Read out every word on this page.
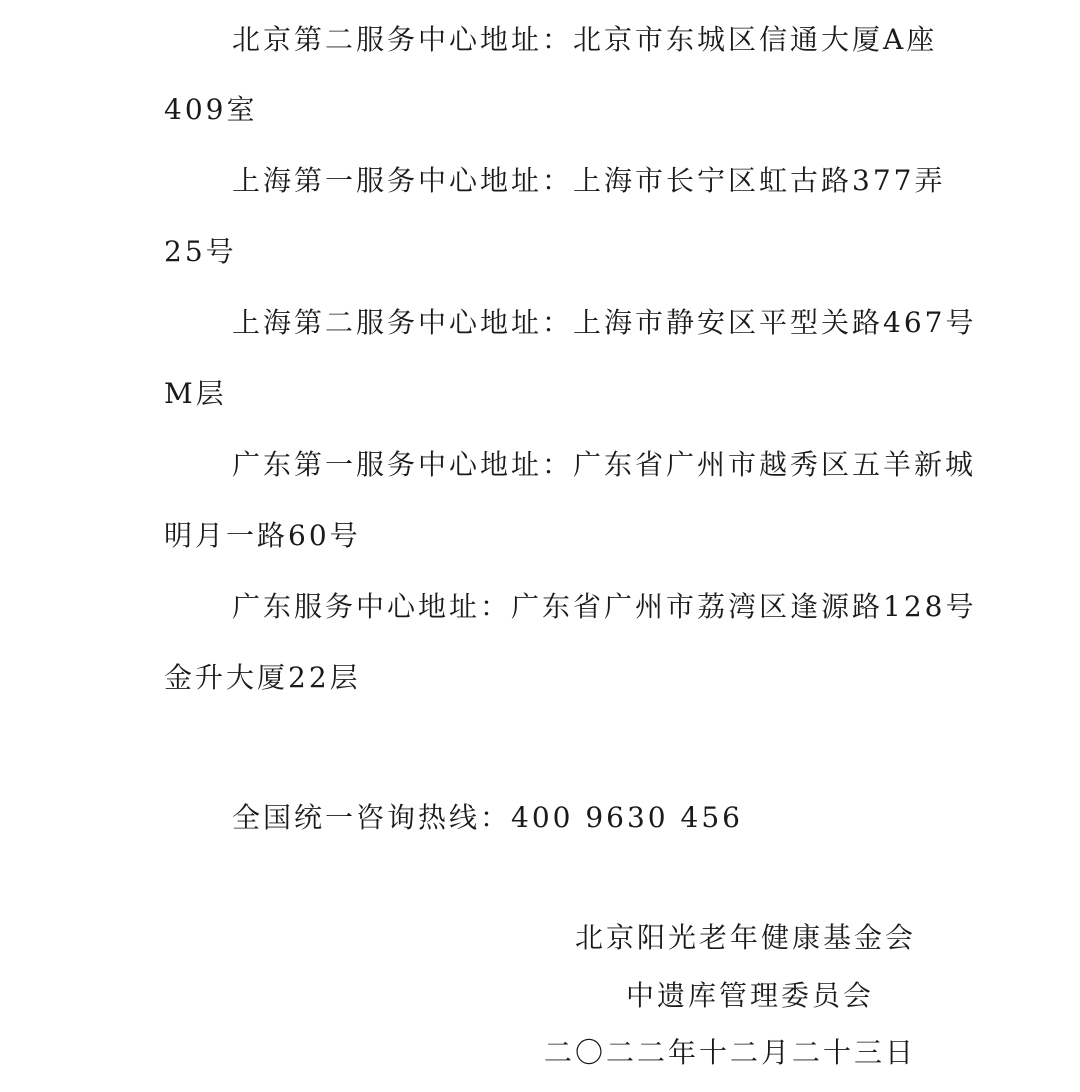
北京第二服务中心地址：北京市东城区信通大厦A座
409室
上海第一服务中心地址：上海市长宁区虹古路377弄
25号
上海第二服务中心地址：上海市静安区平型关路467号
M层
广东第一服务中心地址：广东省广州市越秀区五羊新城
明月一路60号
广东服务中心地址：广东省广州市荔湾区逢源路128号
金升大厦22层
全国统一咨询热线：400 9630 456
北京阳光老年健康基金会
中遗库管理委员会
二〇二二年十二月二十三日
